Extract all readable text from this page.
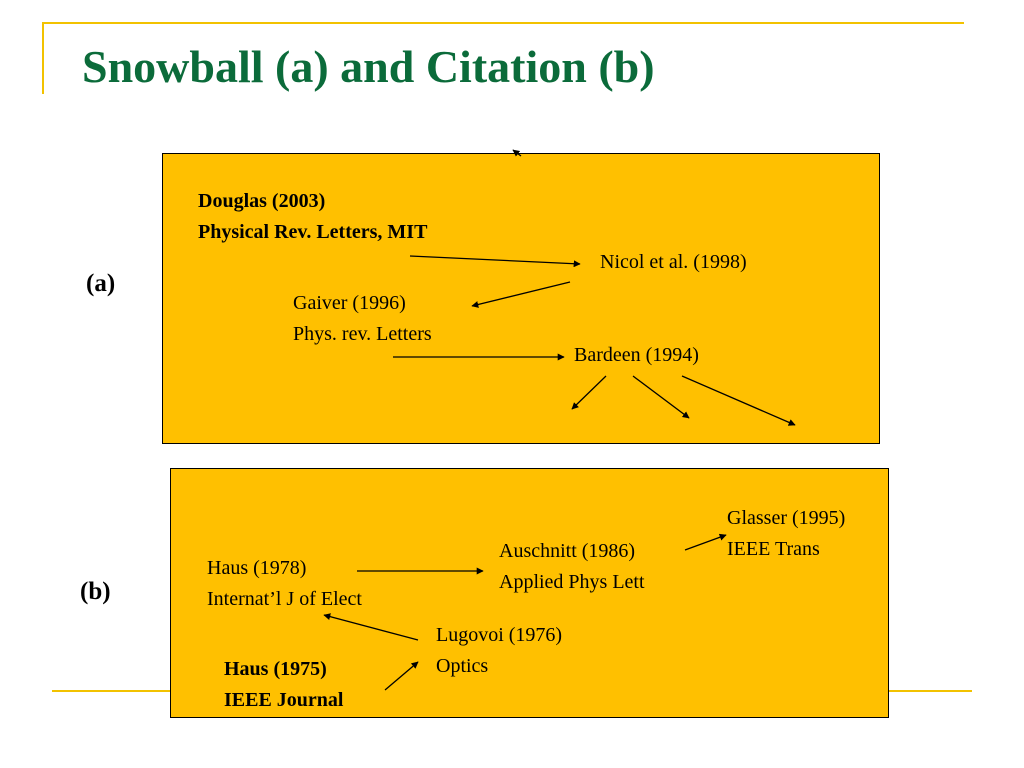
Snowball (a) and Citation (b)
(a)
Douglas (2003)
Physical Rev. Letters, MIT
Nicol et al. (1998)
Gaiver (1996)
Phys. rev. Letters
Bardeen (1994)
(b)
Glasser (1995)
IEEE Trans
Auschnitt (1986)
Applied Phys Lett
Haus (1978)
Internat’l J of Elect
Lugovoi (1976)
Optics
Haus (1975)
IEEE Journal
